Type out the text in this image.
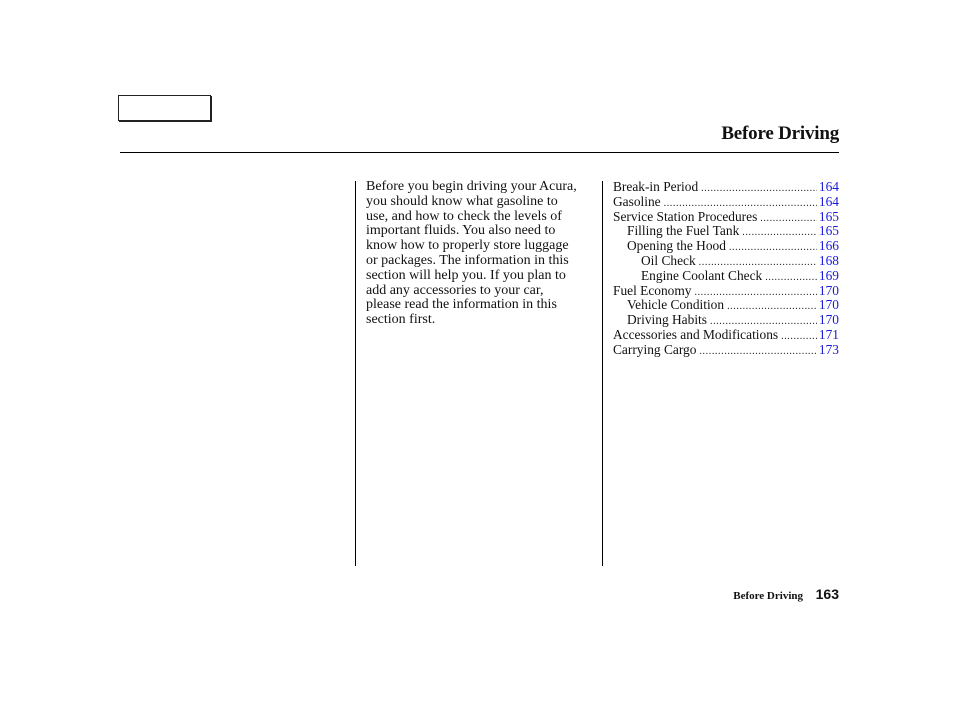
Before Driving
Before you begin driving your Acura,
you should know what gasoline to
use, and how to check the levels of
important fluids. You also need to
know how to properly store luggage
or packages. The information in this
section will help you. If you plan to
add any accessories to your car,
please read the information in this
section first.
Break-in Period .....	164
Gasoline .....	164
Service Station Procedures .....	165
Filling the Fuel Tank .....	165
Opening the Hood .....	166
Oil Check .....	168
Engine Coolant Check .....	169
Fuel Economy .....	170
Vehicle Condition .....	170
Driving Habits .....	170
Accessories and Modifications .....	171
Carrying Cargo .....	173
Before Driving 163
